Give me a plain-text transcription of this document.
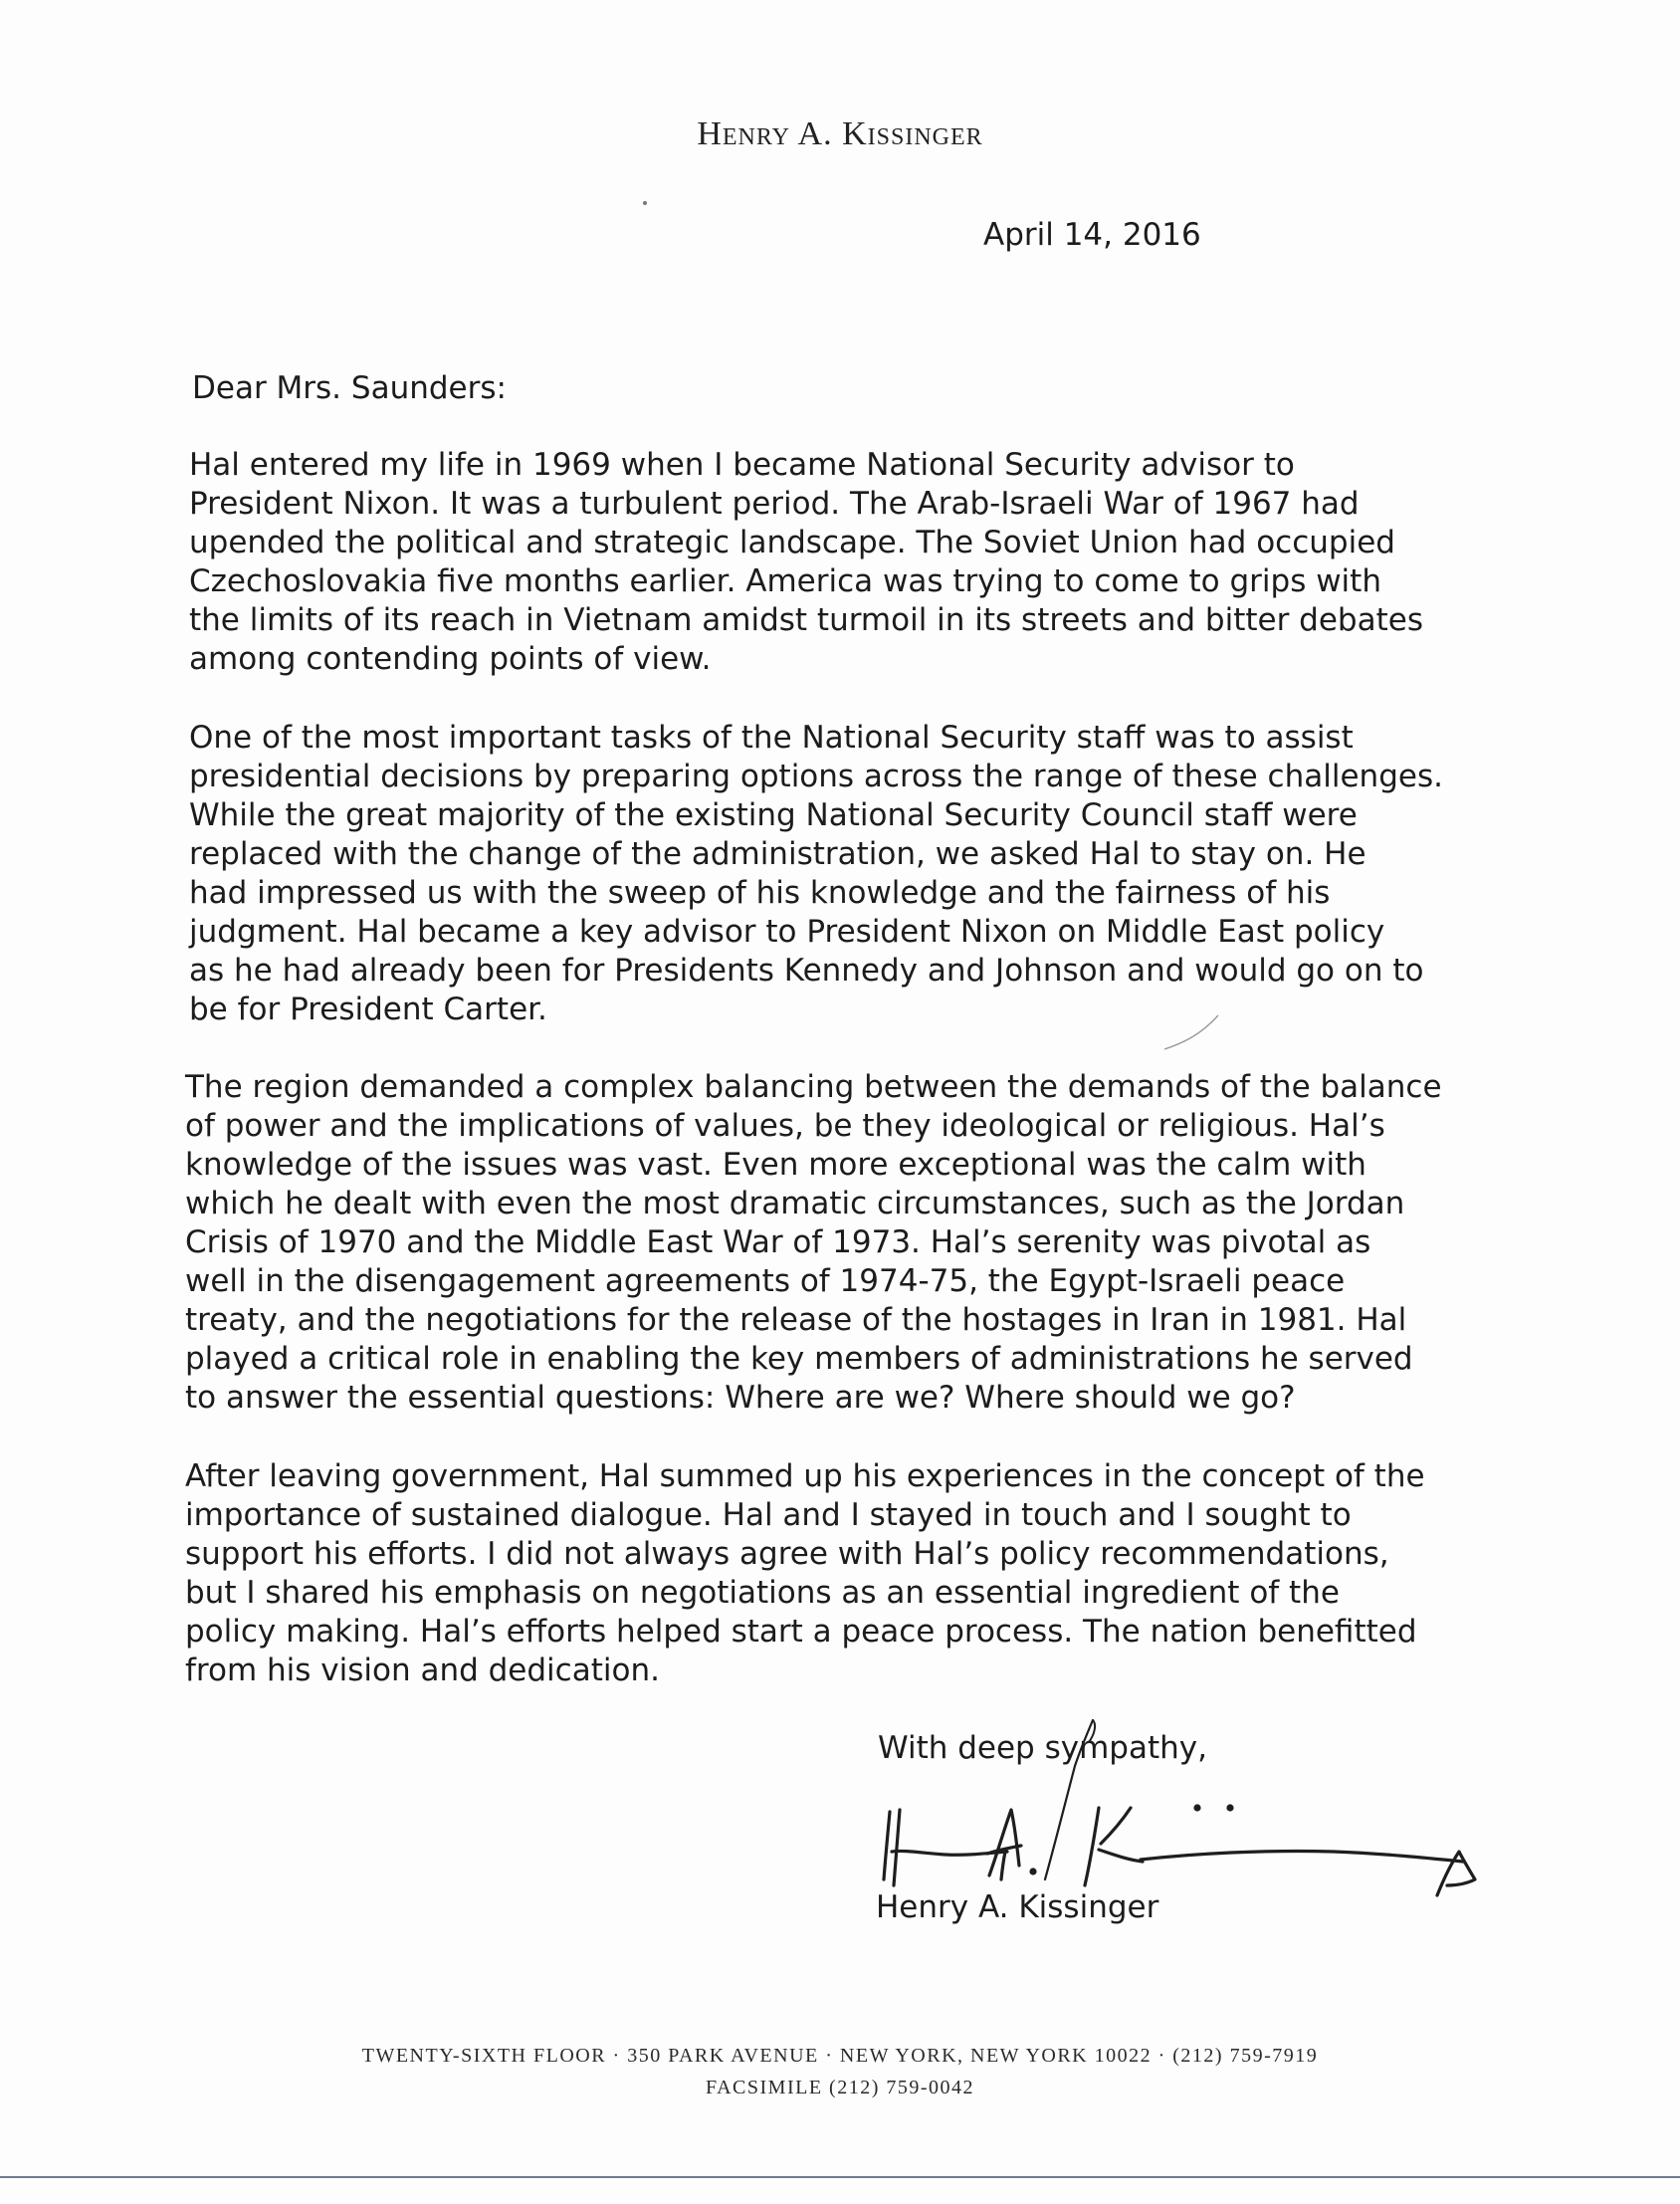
Henry A. Kissinger
April 14, 2016
Dear Mrs. Saunders:
Hal entered my life in 1969 when I became National Security advisor to
President Nixon. It was a turbulent period. The Arab-Israeli War of 1967 had
upended the political and strategic landscape. The Soviet Union had occupied
Czechoslovakia five months earlier. America was trying to come to grips with
the limits of its reach in Vietnam amidst turmoil in its streets and bitter debates
among contending points of view.
One of the most important tasks of the National Security staff was to assist
presidential decisions by preparing options across the range of these challenges.
While the great majority of the existing National Security Council staff were
replaced with the change of the administration, we asked Hal to stay on. He
had impressed us with the sweep of his knowledge and the fairness of his
judgment. Hal became a key advisor to President Nixon on Middle East policy
as he had already been for Presidents Kennedy and Johnson and would go on to
be for President Carter.
The region demanded a complex balancing between the demands of the balance
of power and the implications of values, be they ideological or religious. Hal’s
knowledge of the issues was vast. Even more exceptional was the calm with
which he dealt with even the most dramatic circumstances, such as the Jordan
Crisis of 1970 and the Middle East War of 1973. Hal’s serenity was pivotal as
well in the disengagement agreements of 1974-75, the Egypt-Israeli peace
treaty, and the negotiations for the release of the hostages in Iran in 1981. Hal
played a critical role in enabling the key members of administrations he served
to answer the essential questions: Where are we? Where should we go?
After leaving government, Hal summed up his experiences in the concept of the
importance of sustained dialogue. Hal and I stayed in touch and I sought to
support his efforts. I did not always agree with Hal’s policy recommendations,
but I shared his emphasis on negotiations as an essential ingredient of the
policy making. Hal’s efforts helped start a peace process. The nation benefitted
from his vision and dedication.
With deep sympathy,
Henry A. Kissinger
Henry A. Kissinger
TWENTY-SIXTH FLOOR · 350 PARK AVENUE · NEW YORK, NEW YORK 10022 · (212) 759-7919
FACSIMILE (212) 759-0042
